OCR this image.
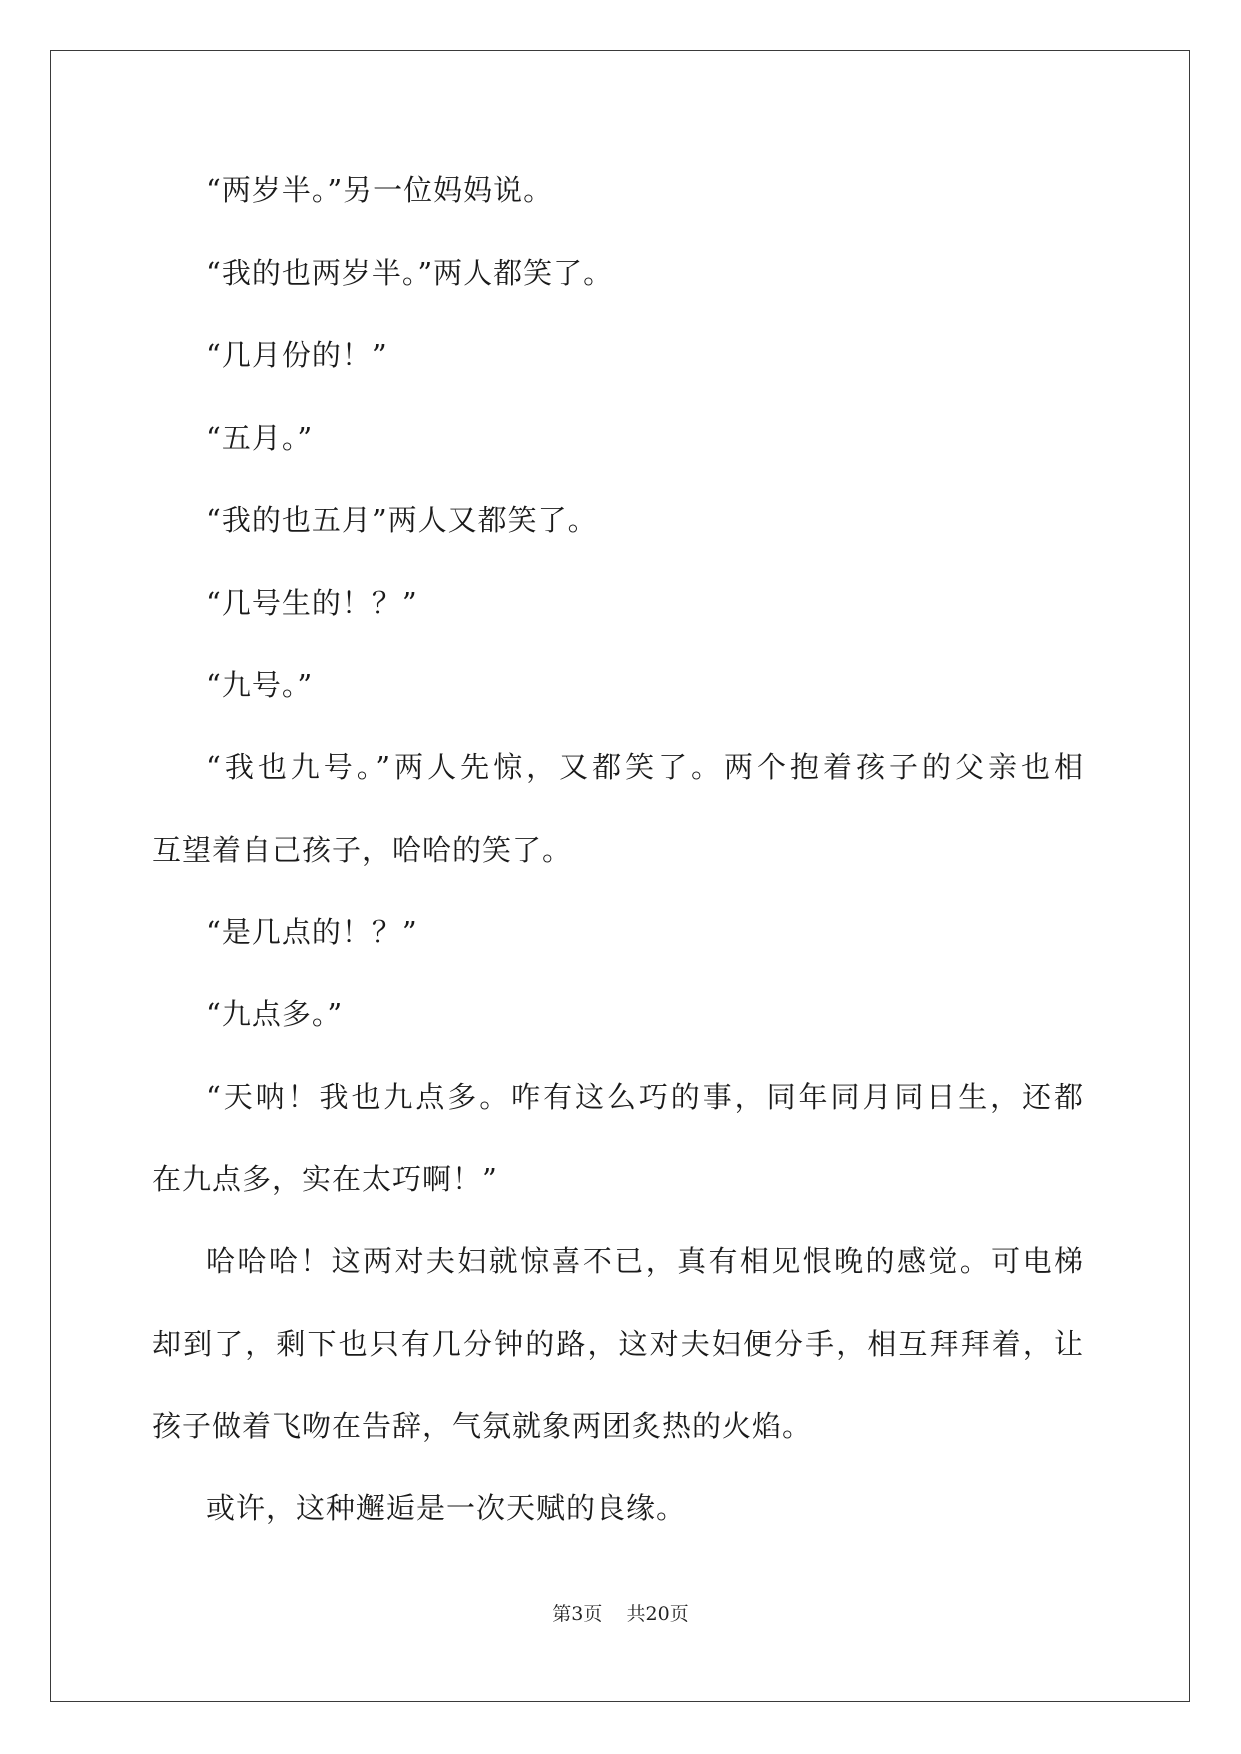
“两岁半。”另一位妈妈说。
“我的也两岁半。”两人都笑了。
“几月份的！”
“五月。”
“我的也五月”两人又都笑了。
“几号生的！？”
“九号。”
“我也九号。”两人先惊，又都笑了。两个抱着孩子的父亲也相
互望着自己孩子，哈哈的笑了。
“是几点的！？”
“九点多。”
“天呐！我也九点多。咋有这么巧的事，同年同月同日生，还都
在九点多，实在太巧啊！”
哈哈哈！这两对夫妇就惊喜不已，真有相见恨晚的感觉。可电梯
却到了，剩下也只有几分钟的路，这对夫妇便分手，相互拜拜着，让
孩子做着飞吻在告辞，气氛就象两团炙热的火焰。
或许，这种邂逅是一次天赋的良缘。
第3页    共20页
